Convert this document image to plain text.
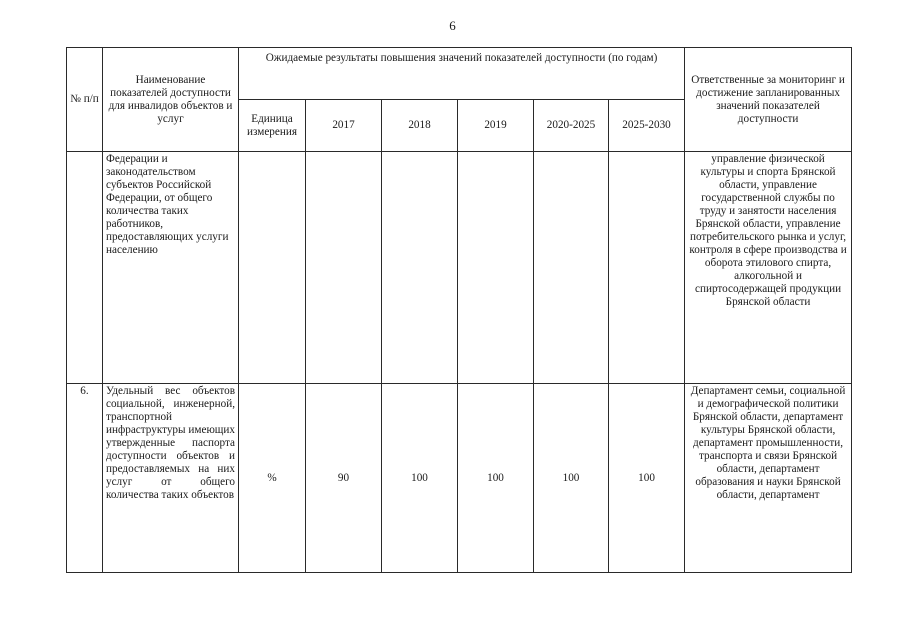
6
№ п/п	Наименование показателей доступности для инвалидов объектов и услуг	Ожидаемые результаты повышения значений показателей доступности (по годам)						Ответственные за мониторинг и достижение запланированных значений показателей доступности
		Единица измерения	2017	2018	2019	2020-2025	2025-2030	
	Федерации и законодательством субъектов Российской Федерации, от общего количества таких работников, предоставляющих услуги населению							управление физической культуры и спорта Брянской области, управление государственной службы по труду и занятости населения Брянской области, управление потребительского рынка и услуг, контроля в сфере производства и оборота этилового спирта, алкогольной и спиртосодержащей продукции Брянской области
6.	Удельный вес объектов социальной, инженерной, транспортной инфраструктуры имеющих утвержденные паспорта доступности объектов и предоставляемых на них услуг от общего количества таких объектов	%	90	100	100	100	100	Департамент семьи, социальной и демографической политики Брянской области, департамент культуры Брянской области, департамент промышленности, транспорта и связи Брянской области, департамент образования и науки Брянской области, департамент
